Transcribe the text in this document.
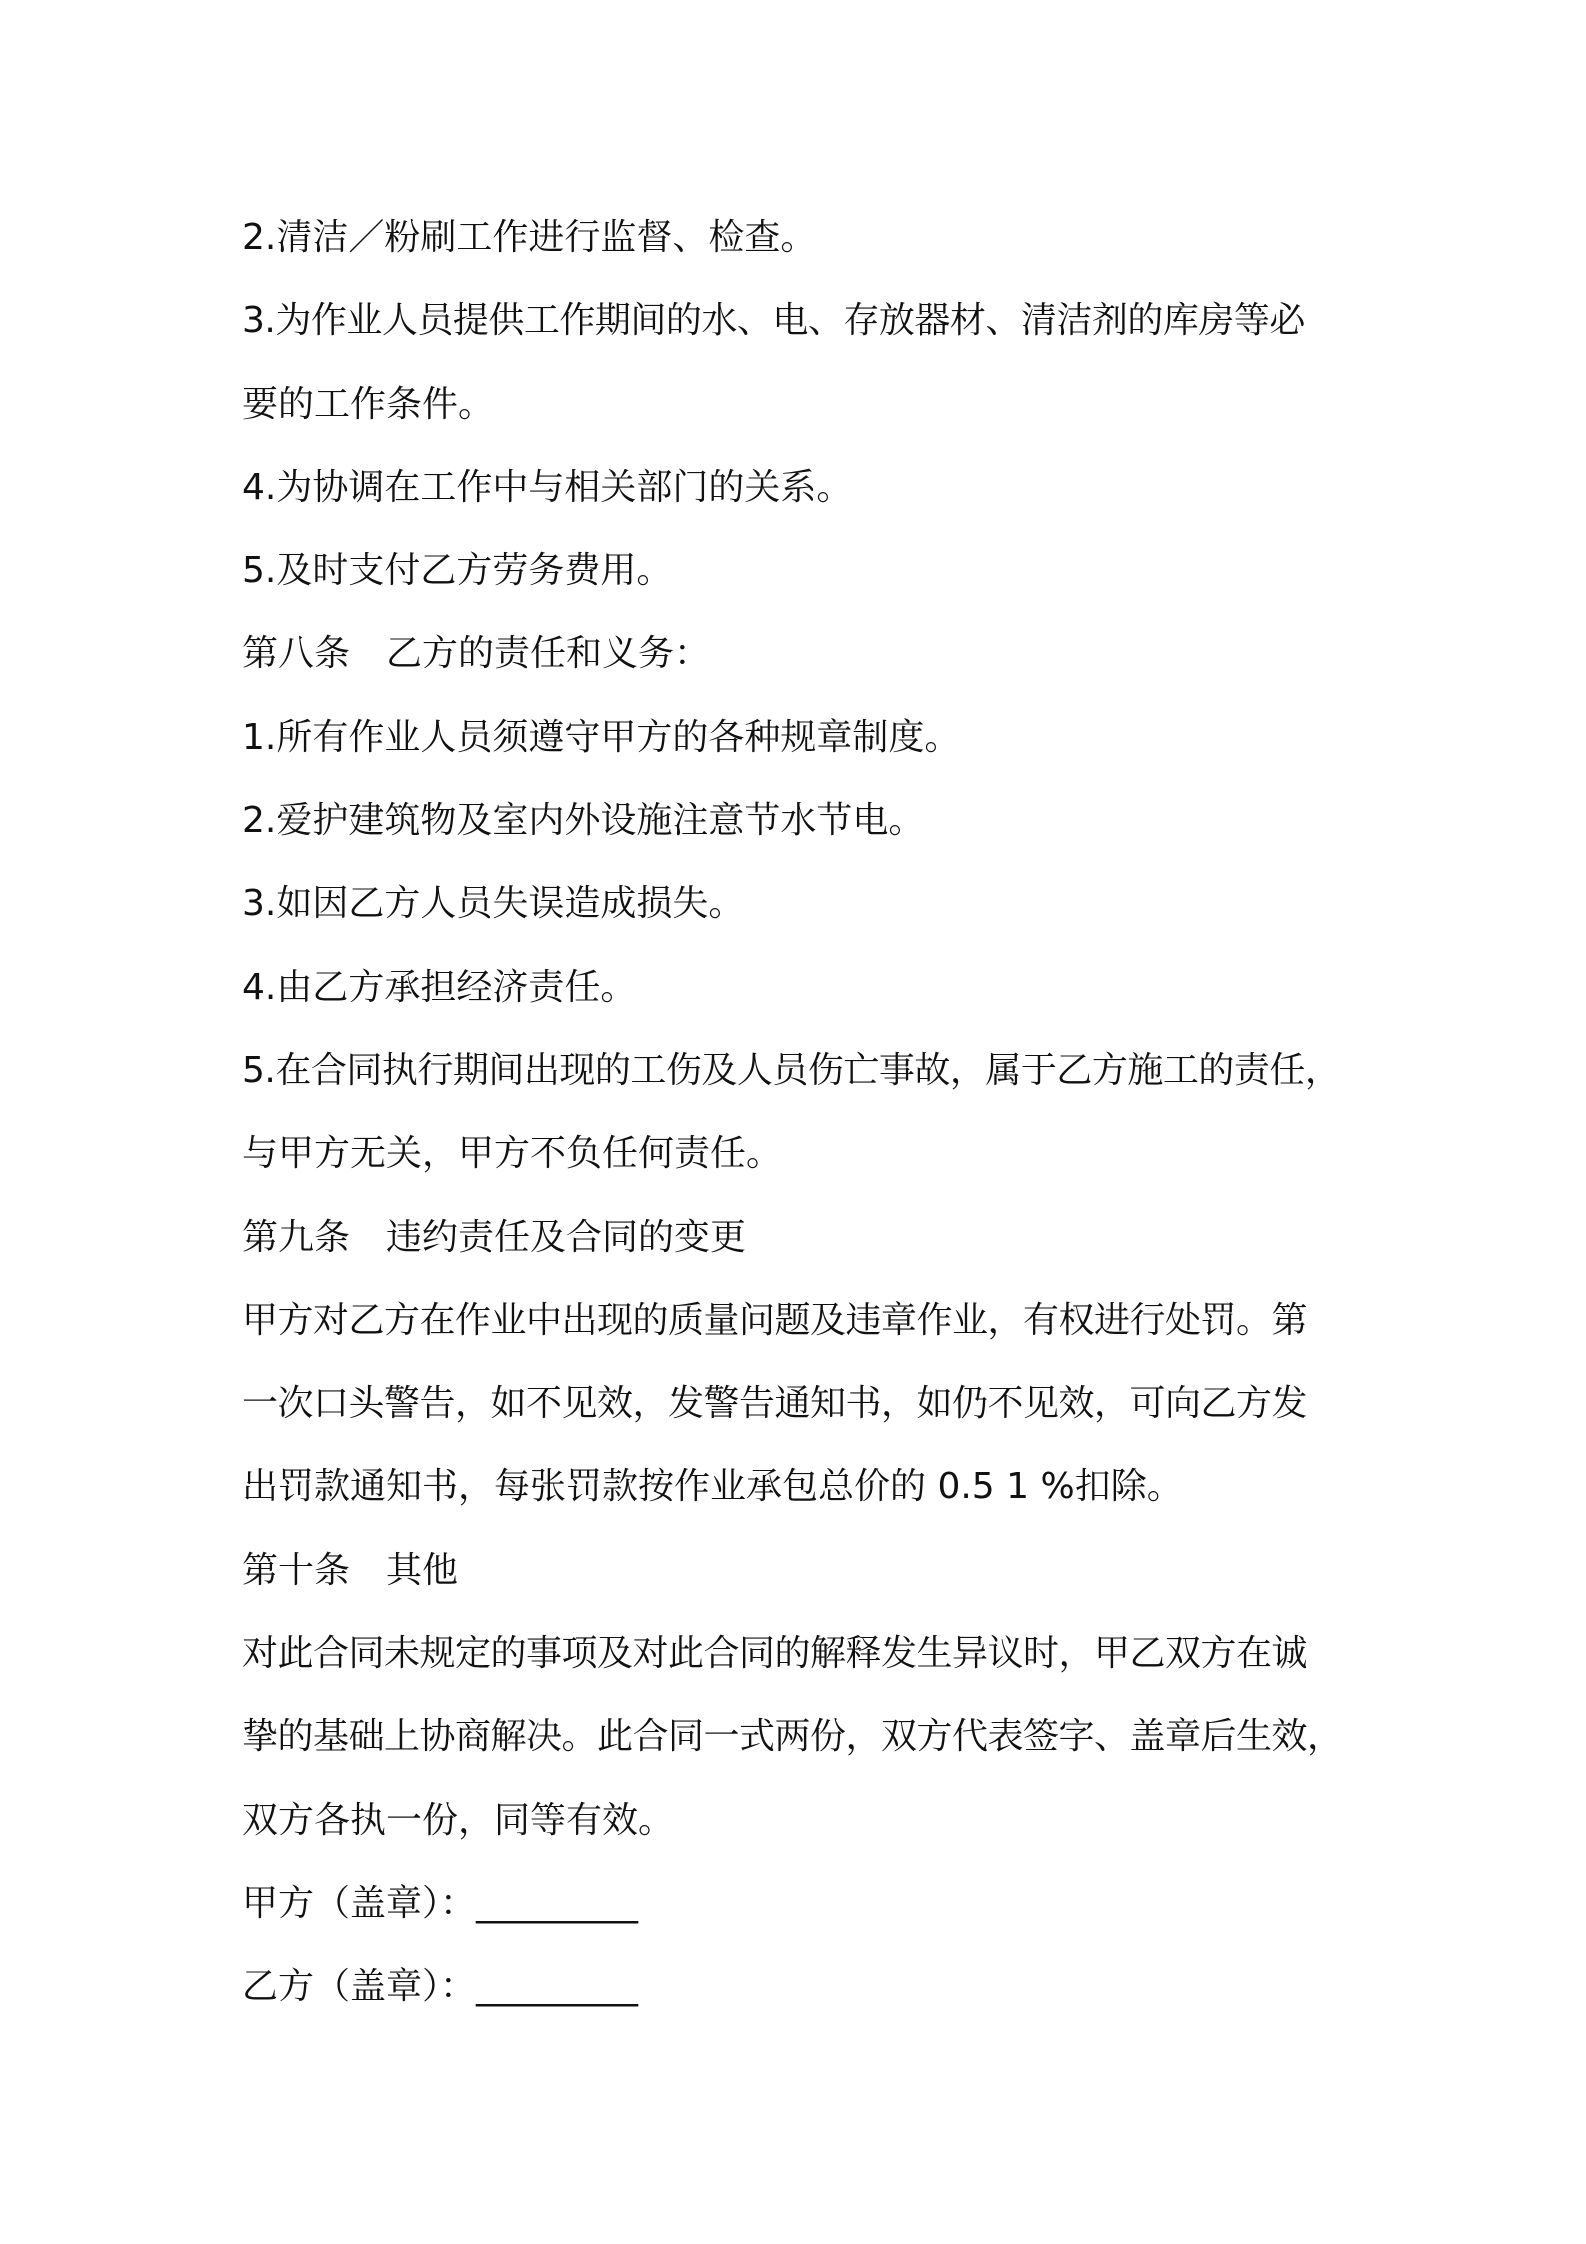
2.清洁／粉刷工作进行监督、检查。
3.为作业人员提供工作期间的水、电、存放器材、清洁剂的库房等必
要的工作条件。
4.为协调在工作中与相关部门的关系。
5.及时支付乙方劳务费用。
第八条　乙方的责任和义务：
1.所有作业人员须遵守甲方的各种规章制度。
2.爱护建筑物及室内外设施注意节水节电。
3.如因乙方人员失误造成损失。
4.由乙方承担经济责任。
5.在合同执行期间出现的工伤及人员伤亡事故，属于乙方施工的责任，
与甲方无关，甲方不负任何责任。
第九条　违约责任及合同的变更
甲方对乙方在作业中出现的质量问题及违章作业，有权进行处罚。第
一次口头警告，如不见效，发警告通知书，如仍不见效，可向乙方发
出罚款通知书，每张罚款按作业承包总价的 0.5 1 %扣除。
第十条　其他
对此合同未规定的事项及对此合同的解释发生异议时，甲乙双方在诚
挚的基础上协商解决。此合同一式两份，双方代表签字、盖章后生效，
双方各执一份，同等有效。
甲方（盖章）：_________
乙方（盖章）：_________
